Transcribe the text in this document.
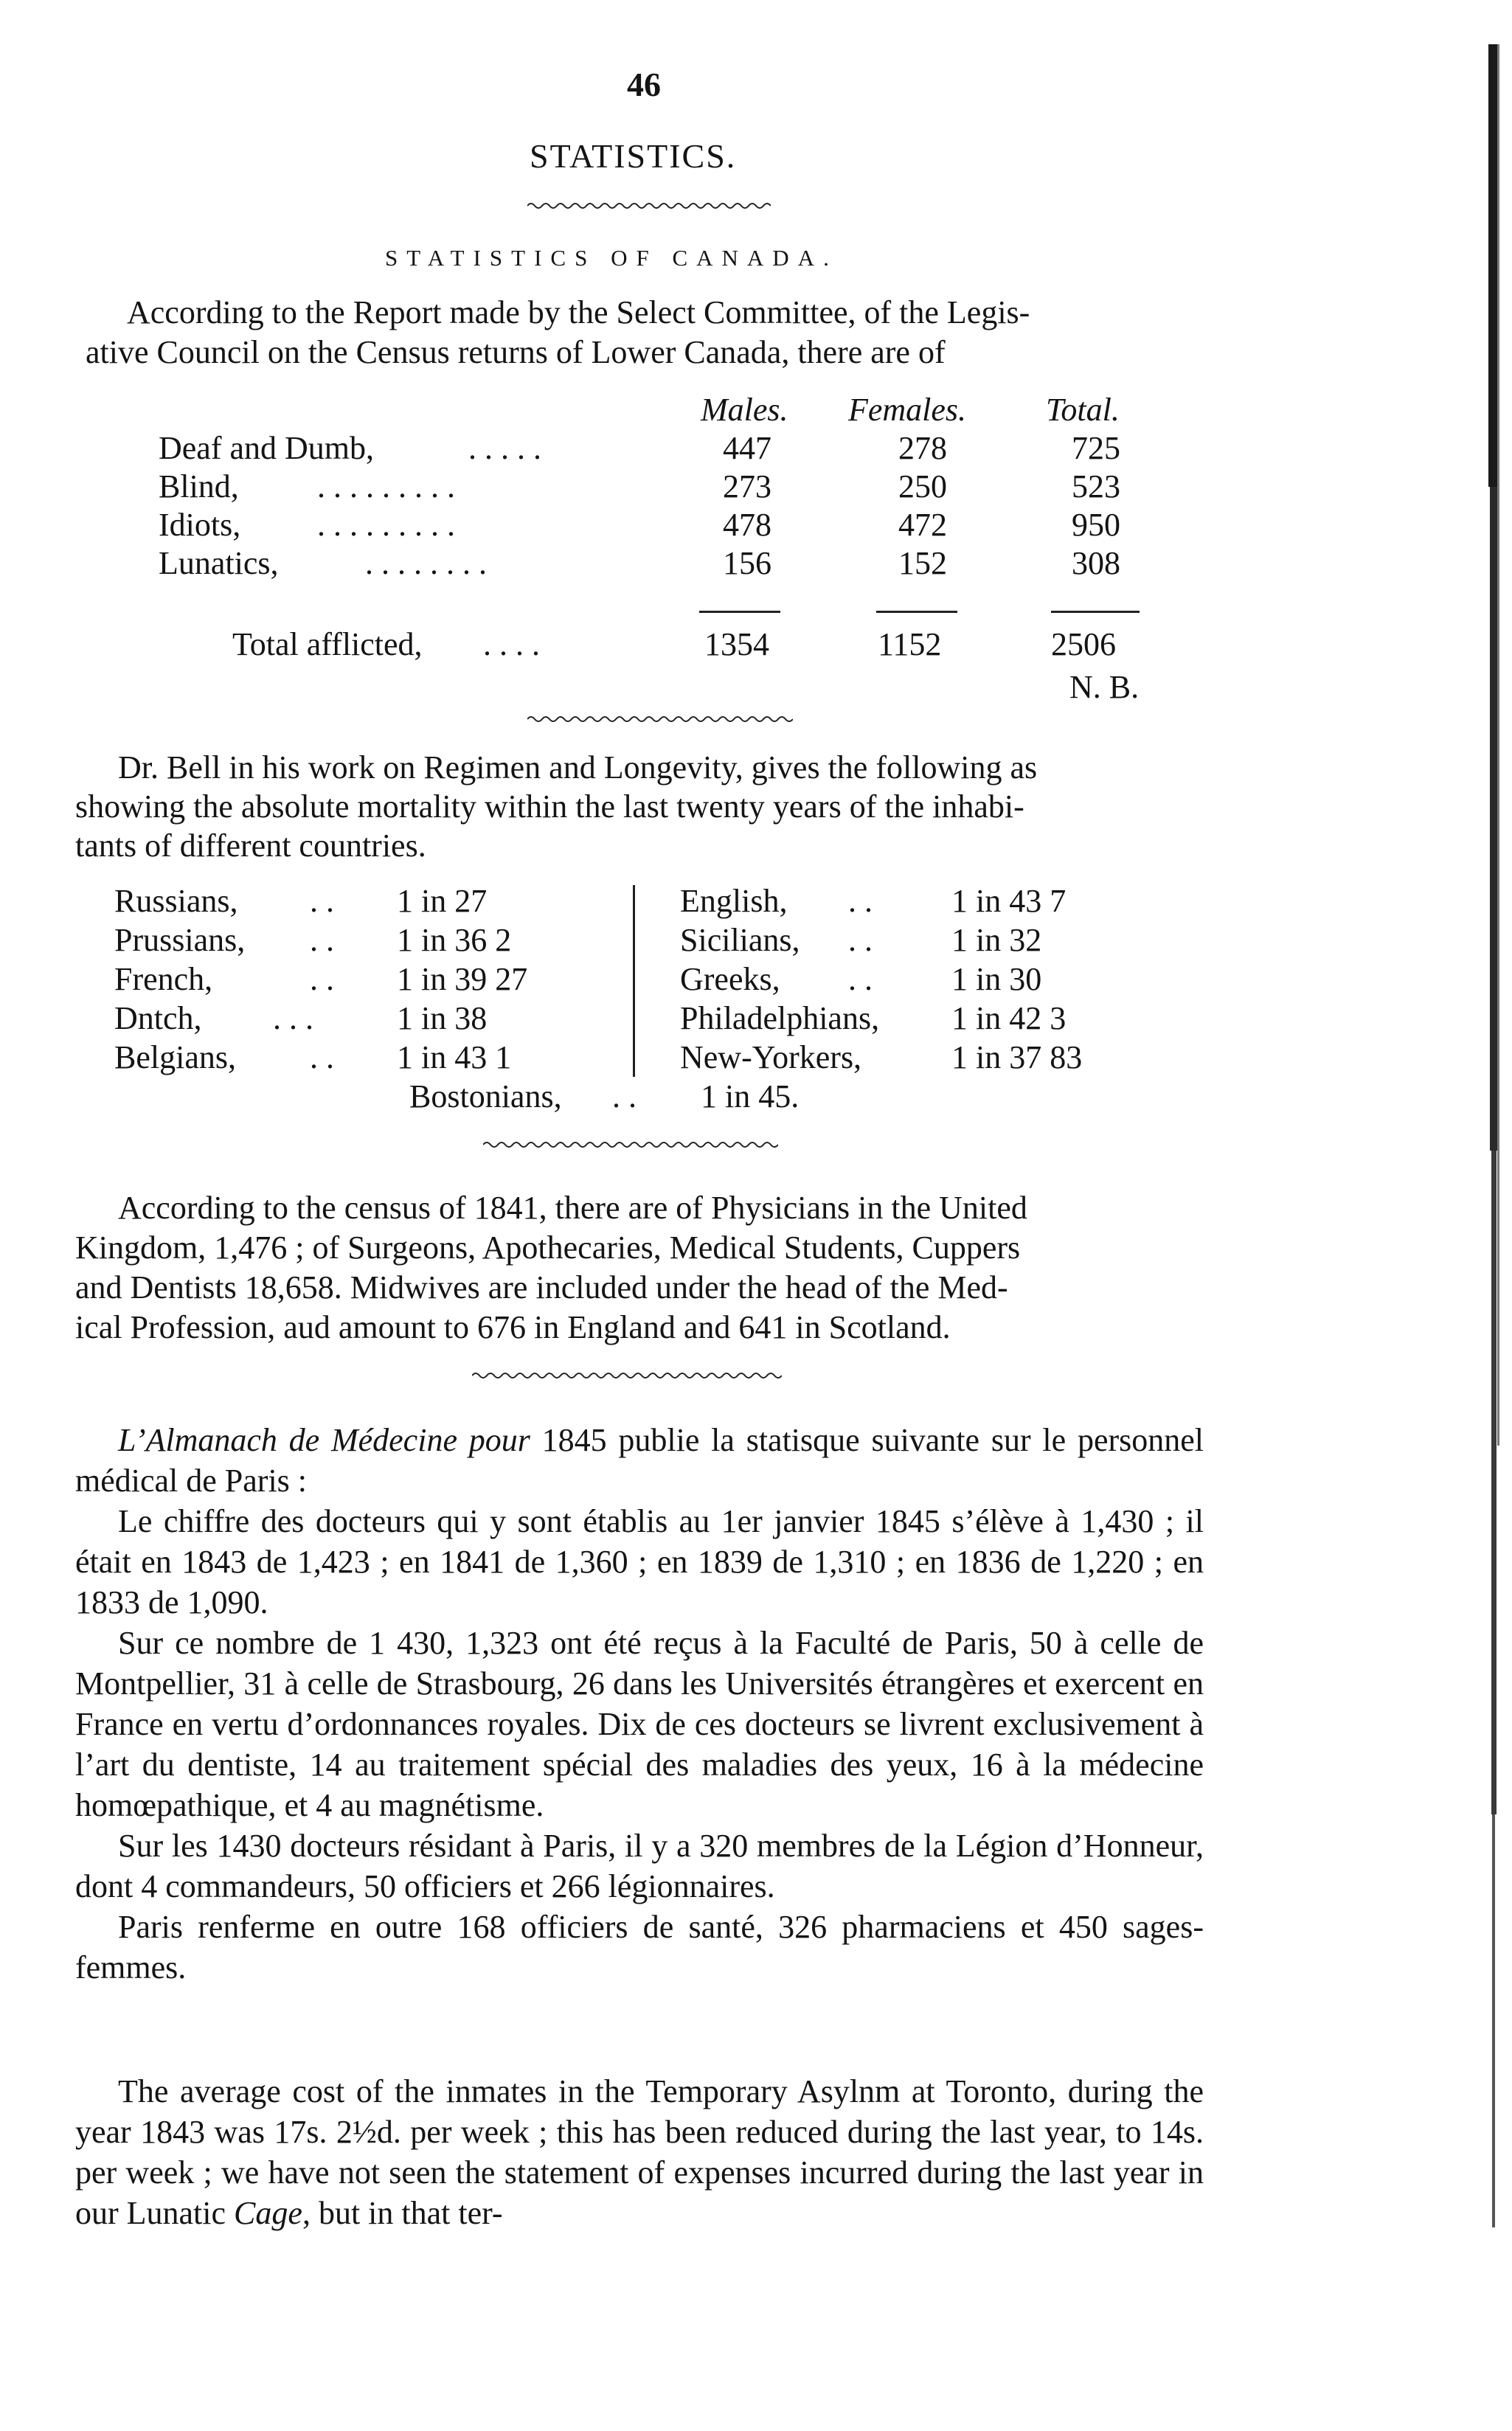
46
STATISTICS.
STATISTICS OF CANADA.
According to the Report made by the Select Committee, of the Legis-
ative Council on the Census returns of Lower Canada, there are of
Males. Females. Total.
Deaf and Dumb,	. . . . .	447	278	725
Blind, . . . . . . . . .	273	250	523
Idiots, . . . . . . . . .	478	472	950
Lunatics,	. . . . . . . .	156	152	308
Total afflicted, . . . .	1354	1152	2506
N. B.
Dr. Bell in his work on Regimen and Longevity, gives the following as
showing the absolute mortality within the last twenty years of the inhabi-
tants of different countries.
Russians, . . 1 in 27
Prussians, . . 1 in 36 2
French,	. . 1 in 39 27
Dntch, . . .	1 in 38
Belgians, . . 1 in 43 1
English, . . 1 in 43 7
Sicilians, . . 1 in 32
Greeks, . . 1 in 30
Philadelphians, 1 in 42 3
New-Yorkers,	1 in 37 83
Bostonians, . . 1 in 45.
According to the census of 1841, there are of Physicians in the United
Kingdom, 1,476 ; of Surgeons, Apothecaries, Medical Students, Cuppers
and Dentists 18,658. Midwives are included under the head of the Med-
ical Profession, aud amount to 676 in England and 641 in Scotland.

L’Almanach de Médecine pour 1845 publie la statisque suivante sur le personnel médical de Paris :

Le chiffre des docteurs qui y sont établis au 1er janvier 1845 s’élève à 1,430 ; il était en 1843 de 1,423 ; en 1841 de 1,360 ; en 1839 de 1,310 ; en 1836 de 1,220 ; en 1833 de 1,090.

Sur ce nombre de 1 430, 1,323 ont été reçus à la Faculté de Paris, 50 à celle de Montpellier, 31 à celle de Strasbourg, 26 dans les Universités étrangères et exercent en France en vertu d’ordonnances royales. Dix de ces docteurs se livrent exclusivement à l’art du dentiste, 14 au traitement spécial des maladies des yeux, 16 à la médecine homœpathique, et 4 au magnétisme.

Sur les 1430 docteurs résidant à Paris, il y a 320 membres de la Légion d’Honneur, dont 4 commandeurs, 50 officiers et 266 légionnaires.

Paris renferme en outre 168 officiers de santé, 326 pharmaciens et 450 sages-femmes.

The average cost of the inmates in the Temporary Asylnm at Toronto, during the year 1843 was 17s. 2½d. per week ; this has been reduced during the last year, to 14s. per week ; we have not seen the statement of expenses incurred during the last year in our Lunatic Cage, but in that ter-
